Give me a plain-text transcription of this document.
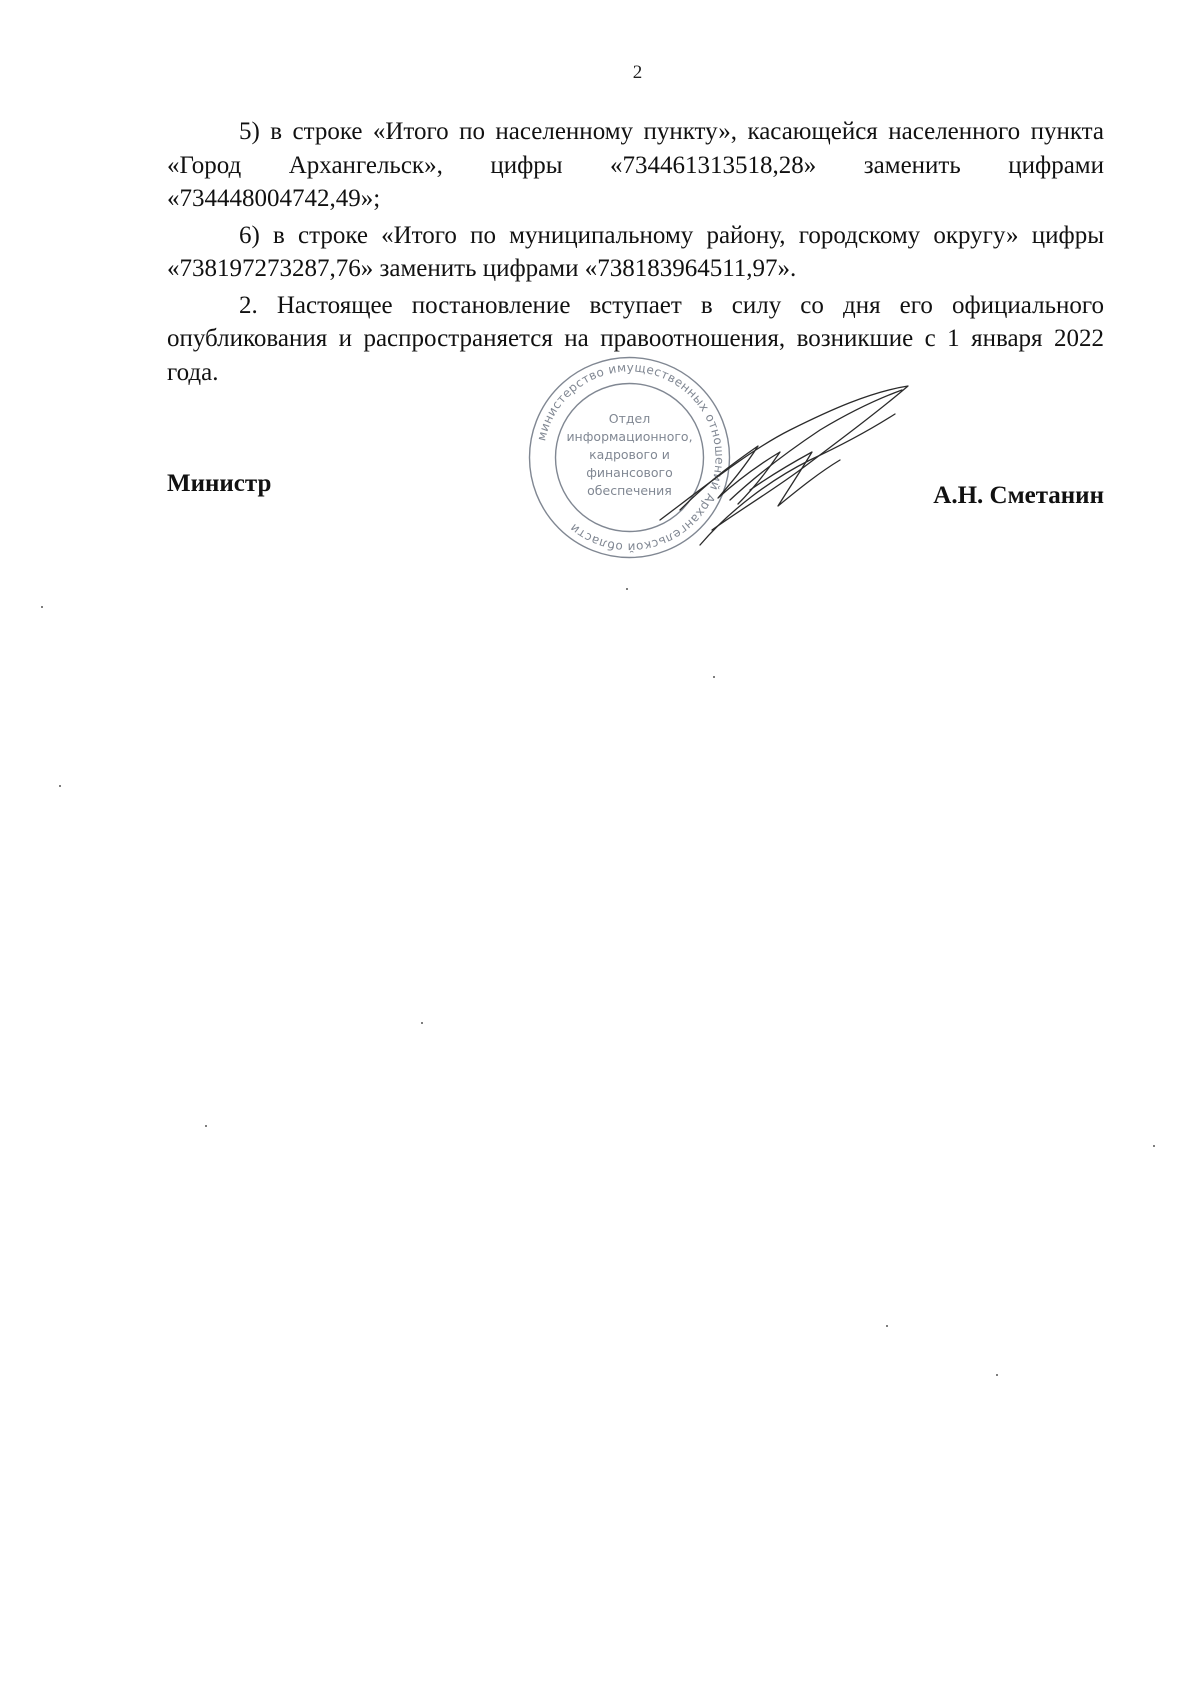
2

5) в строке «Итого по населенному пункту», касающейся населенного пункта «Город Архангельск», цифры «734461313518,28» заменить цифрами «734448004742,49»;

6) в строке «Итого по муниципальному району, городскому округу» цифры «738197273287,76» заменить цифрами «738183964511,97».

2. Настоящее постановление вступает в силу со дня его официального опубликования и распространяется на правоотношения, возникшие с 1 января 2022 года.

Министр	А.Н. Сметанин
министерство имущественных отношений Архангельской области
Отдел
информационного,
кадрового и
финансового
обеспечения
